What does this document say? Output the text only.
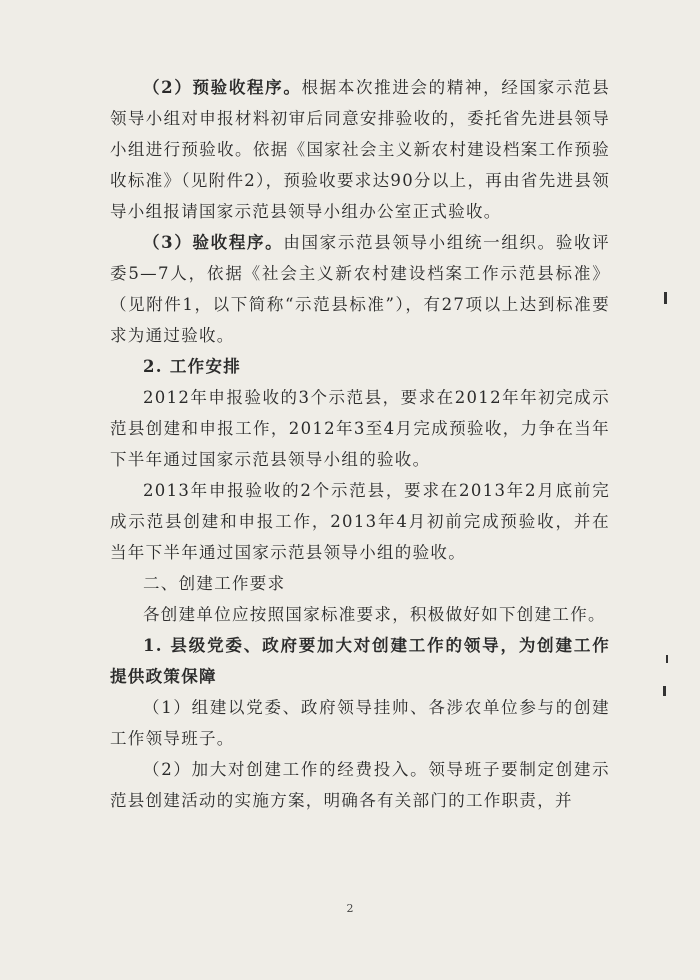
（2）预验收程序。根据本次推进会的精神，经国家示范县领导小组对申报材料初审后同意安排验收的，委托省先进县领导小组进行预验收。依据《国家社会主义新农村建设档案工作预验收标准》（见附件2），预验收要求达90分以上，再由省先进县领导小组报请国家示范县领导小组办公室正式验收。

（3）验收程序。由国家示范县领导小组统一组织。验收评委5—7人，依据《社会主义新农村建设档案工作示范县标准》（见附件1，以下简称“示范县标准”），有27项以上达到标准要求为通过验收。

2. 工作安排

2012年申报验收的3个示范县，要求在2012年年初完成示范县创建和申报工作，2012年3至4月完成预验收，力争在当年下半年通过国家示范县领导小组的验收。

2013年申报验收的2个示范县，要求在2013年2月底前完成示范县创建和申报工作，2013年4月初前完成预验收，并在当年下半年通过国家示范县领导小组的验收。

二、创建工作要求

各创建单位应按照国家标准要求，积极做好如下创建工作。

1. 县级党委、政府要加大对创建工作的领导，为创建工作提供政策保障

（1）组建以党委、政府领导挂帅、各涉农单位参与的创建工作领导班子。

（2）加大对创建工作的经费投入。领导班子要制定创建示范县创建活动的实施方案，明确各有关部门的工作职责，并

2
